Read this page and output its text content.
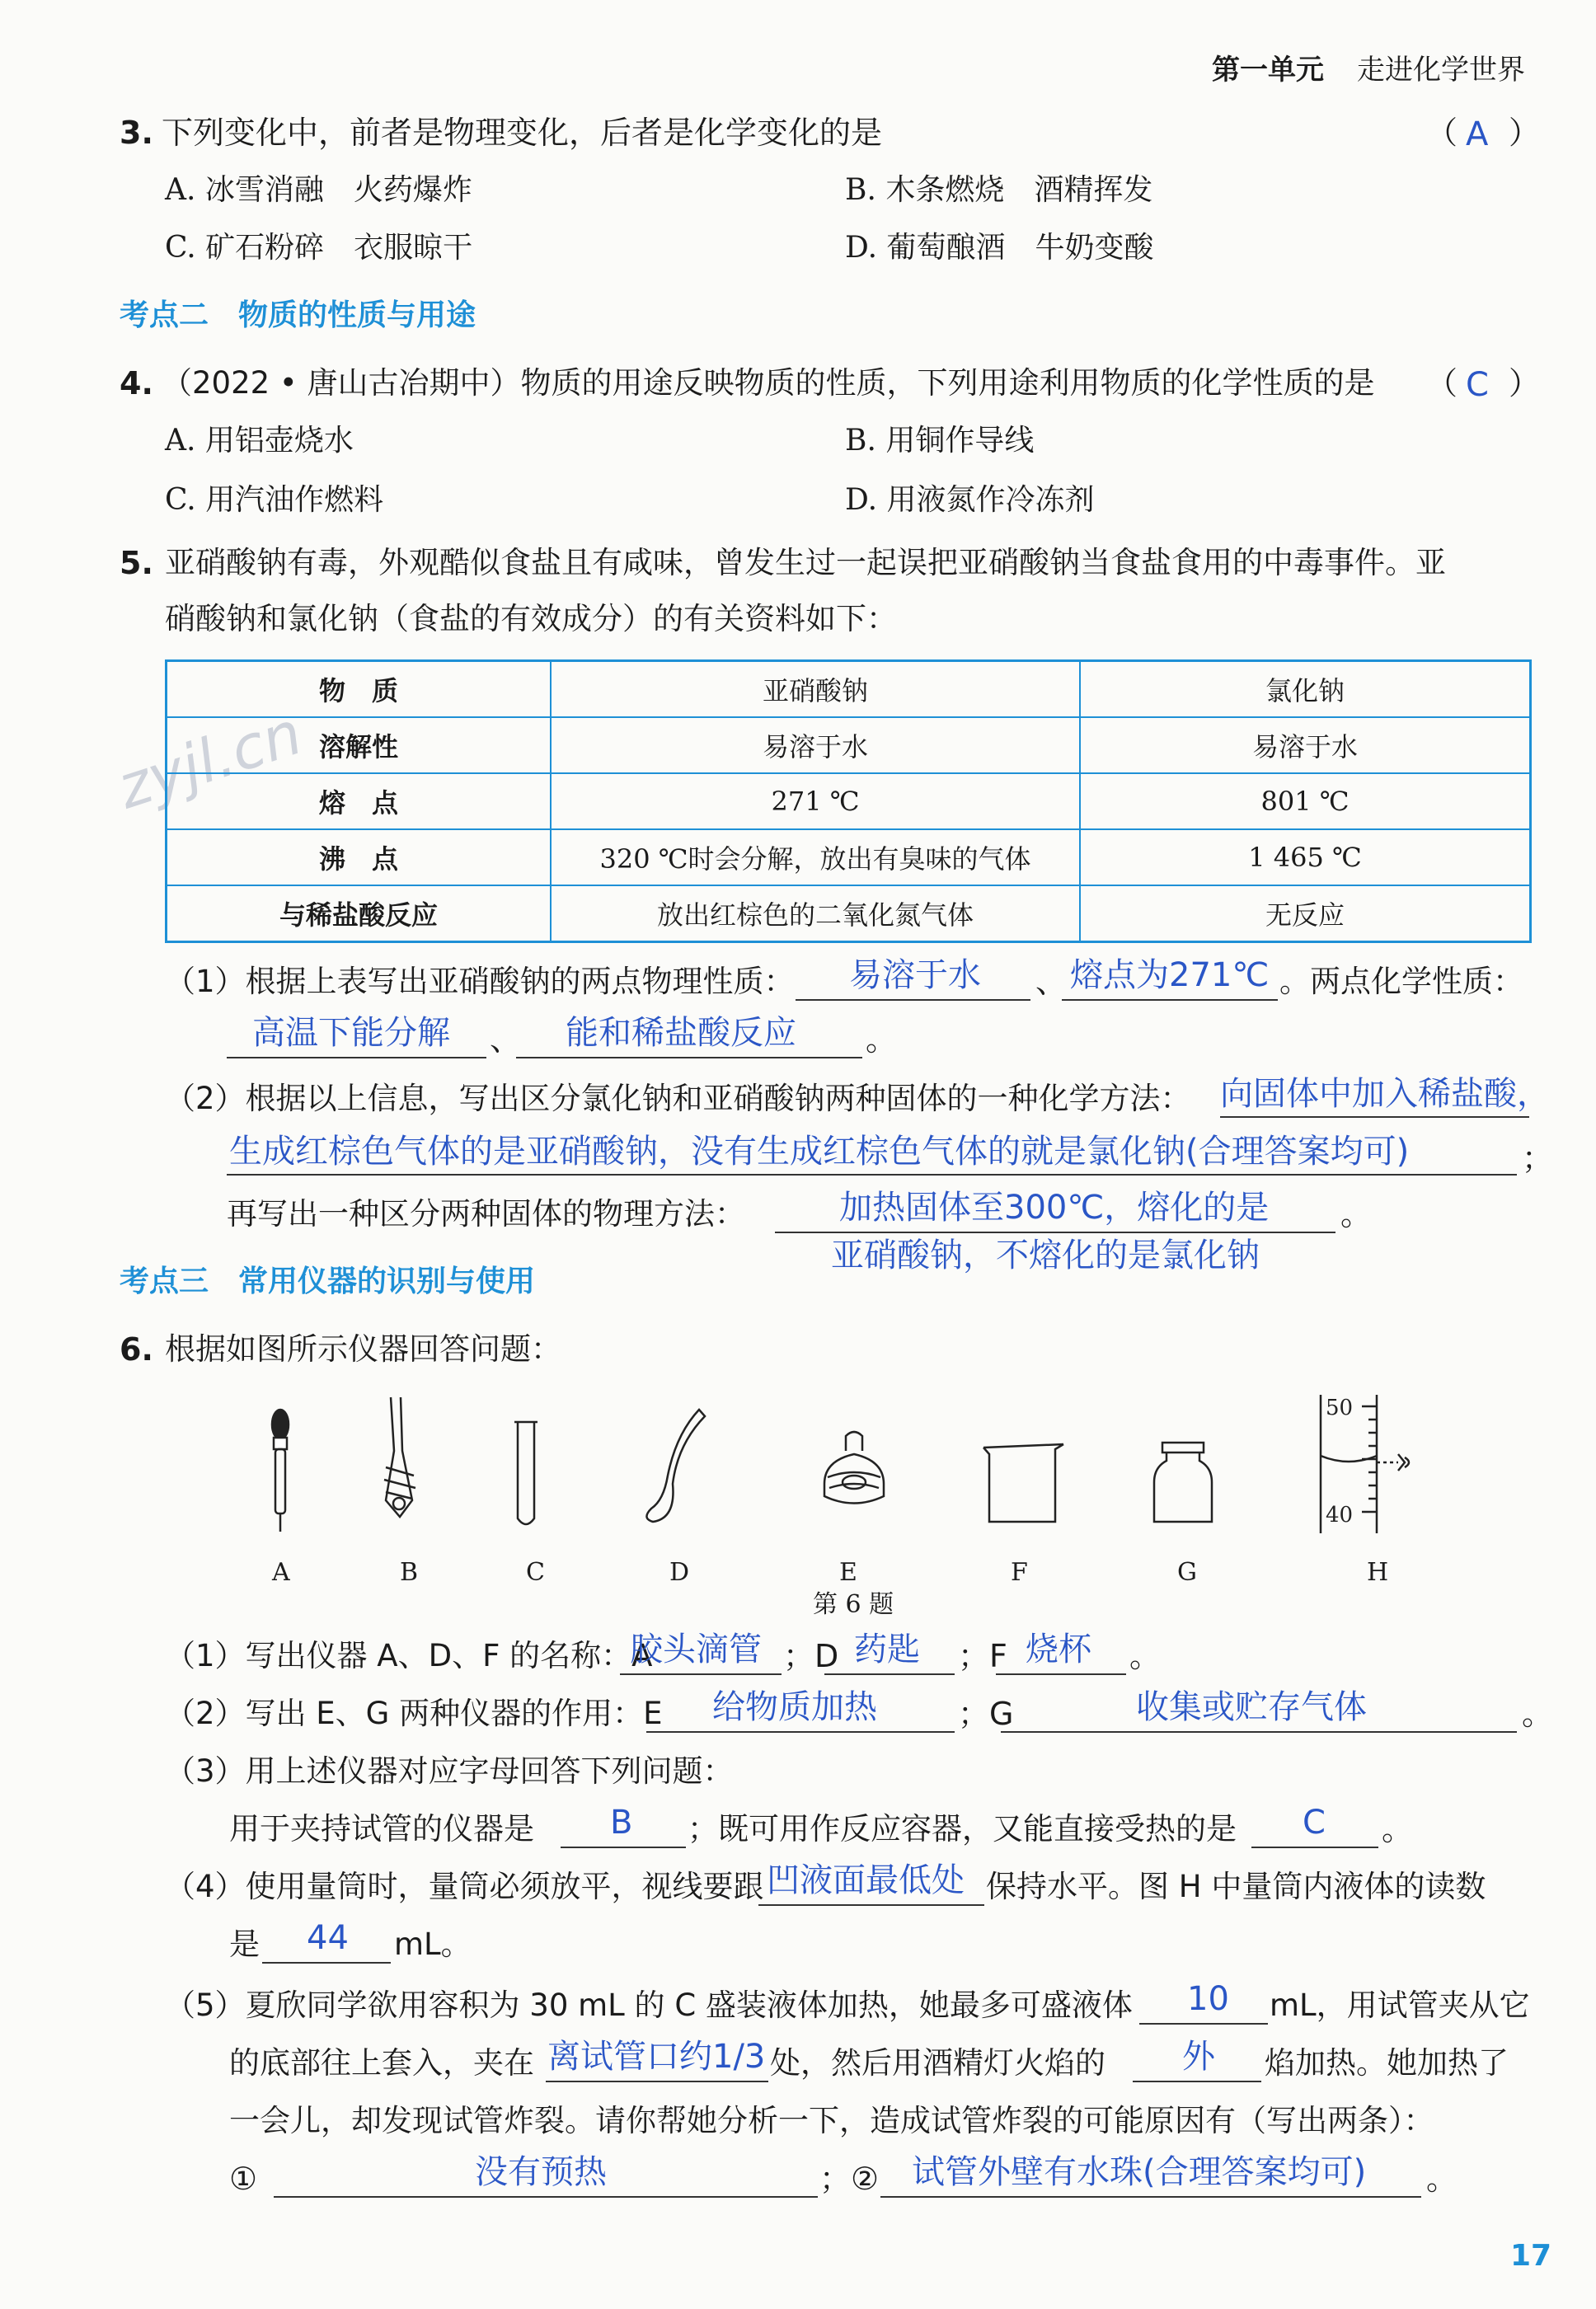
第一单元 走进化学世界
zyjl.cn
3. 下列变化中，前者是物理变化，后者是化学变化的是	（ A ）
A. 冰雪消融　火药爆炸	B. 木条燃烧　酒精挥发
C. 矿石粉碎　衣服晾干	D. 葡萄酿酒　牛奶变酸
考点二　物质的性质与用途
4. （2022 • 唐山古冶期中）物质的用途反映物质的性质，下列用途利用物质的化学性质的是 （ C ）
A. 用铝壶烧水	B. 用铜作导线
C. 用汽油作燃料	D. 用液氮作冷冻剂
5. 亚硝酸钠有毒，外观酷似食盐且有咸味，曾发生过一起误把亚硝酸钠当食盐食用的中毒事件。亚
硝酸钠和氯化钠（食盐的有效成分）的有关资料如下：
物　质	亚硝酸钠	氯化钠
溶解性	易溶于水	易溶于水
熔　点	271 ℃	801 ℃
沸　点	320 ℃时会分解，放出有臭味的气体	1 465 ℃
与稀盐酸反应	放出红棕色的二氧化氮气体	无反应
（1）根据上表写出亚硝酸钠的两点物理性质： 易溶于水 、 熔点为271℃ 。两点化学性质：
高温下能分解 、 能和稀盐酸反应 。
（2）根据以上信息，写出区分氯化钠和亚硝酸钠两种固体的一种化学方法： 向固体中加入稀盐酸，
生成红棕色气体的是亚硝酸钠，没有生成红棕色气体的就是氯化钠(合理答案均可)	；
再写出一种区分两种固体的物理方法：	加热固体至300℃，熔化的是 。
亚硝酸钠，不熔化的是氯化钠
考点三　常用仪器的识别与使用
6. 根据如图所示仪器回答问题：
50
40
A	B	C	D	E	F	G	H
第 6 题
（1）写出仪器 A、D、F 的名称：A
胶头滴管 ；D 药匙 ；F 烧杯 。
（2）写出 E、G 两种仪器的作用：E 给物质加热	；G	收集或贮存气体	。
（3）用上述仪器对应字母回答下列问题：
用于夹持试管的仪器是 B ；既可用作反应容器，又能直接受热的是 C 。
（4）使用量筒时，量筒必须放平，视线要跟 凹液面最低处 保持水平。图 H 中量筒内液体的读数
是 44 mL。
（5）夏欣同学欲用容积为 30 mL 的 C 盛装液体加热，她最多可盛液体 10 mL，用试管夹从它
的底部往上套入，夹在 离试管口约1/3 处，然后用酒精灯火焰的 外 焰加热。她加热了
一会儿，却发现试管炸裂。请你帮她分析一下，造成试管炸裂的可能原因有（写出两条）：
①	没有预热	；② 试管外壁有水珠(合理答案均可) 。
17
